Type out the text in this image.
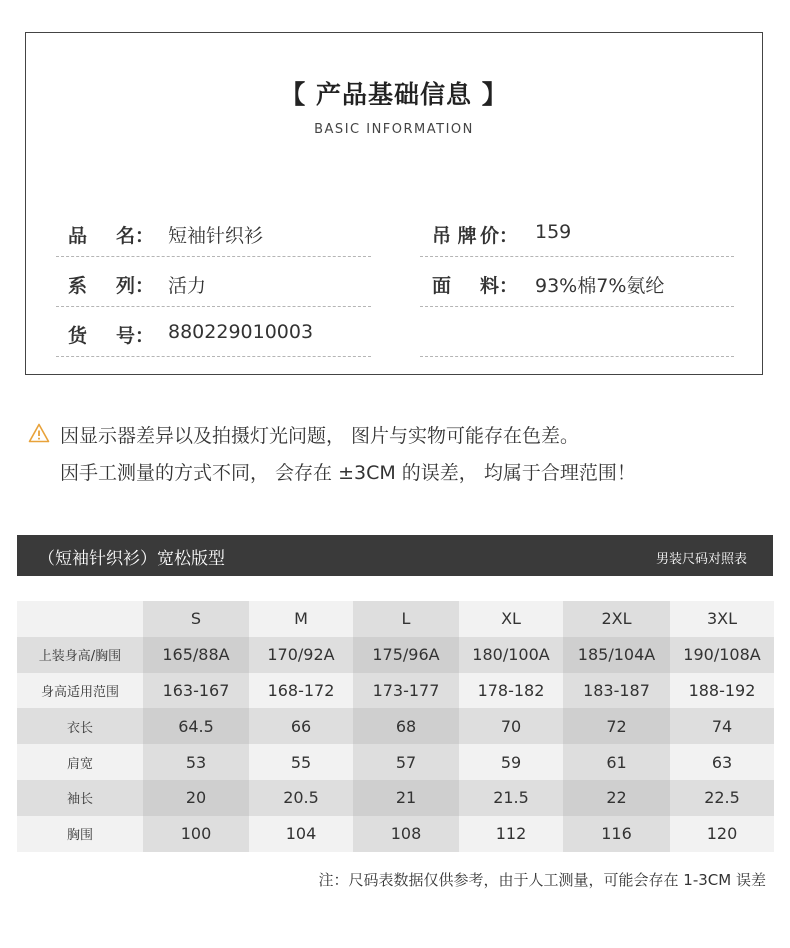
【 产品基础信息 】
BASIC INFORMATION
品 名： 短袖针织衫
系 列： 活力
货 号： 880229010003
吊 牌 价： 159
面 料： 93%棉7%氨纶
因显示器差异以及拍摄灯光问题， 图片与实物可能存在色差。
因手工测量的方式不同， 会存在 ±3CM 的误差， 均属于合理范围！
（短袖针织衫）宽松版型	男装尺码对照表
	S	M	L	XL	2XL	3XL
上装身高/胸围	165/88A	170/92A	175/96A	180/100A	185/104A	190/108A
身高适用范围	163-167	168-172	173-177	178-182	183-187	188-192
衣长	64.5	66	68	70	72	74
肩宽	53	55	57	59	61	63
袖长	20	20.5	21	21.5	22	22.5
胸围	100	104	108	112	116	120
注：尺码表数据仅供参考，由于人工测量，可能会存在 1-3CM 误差
